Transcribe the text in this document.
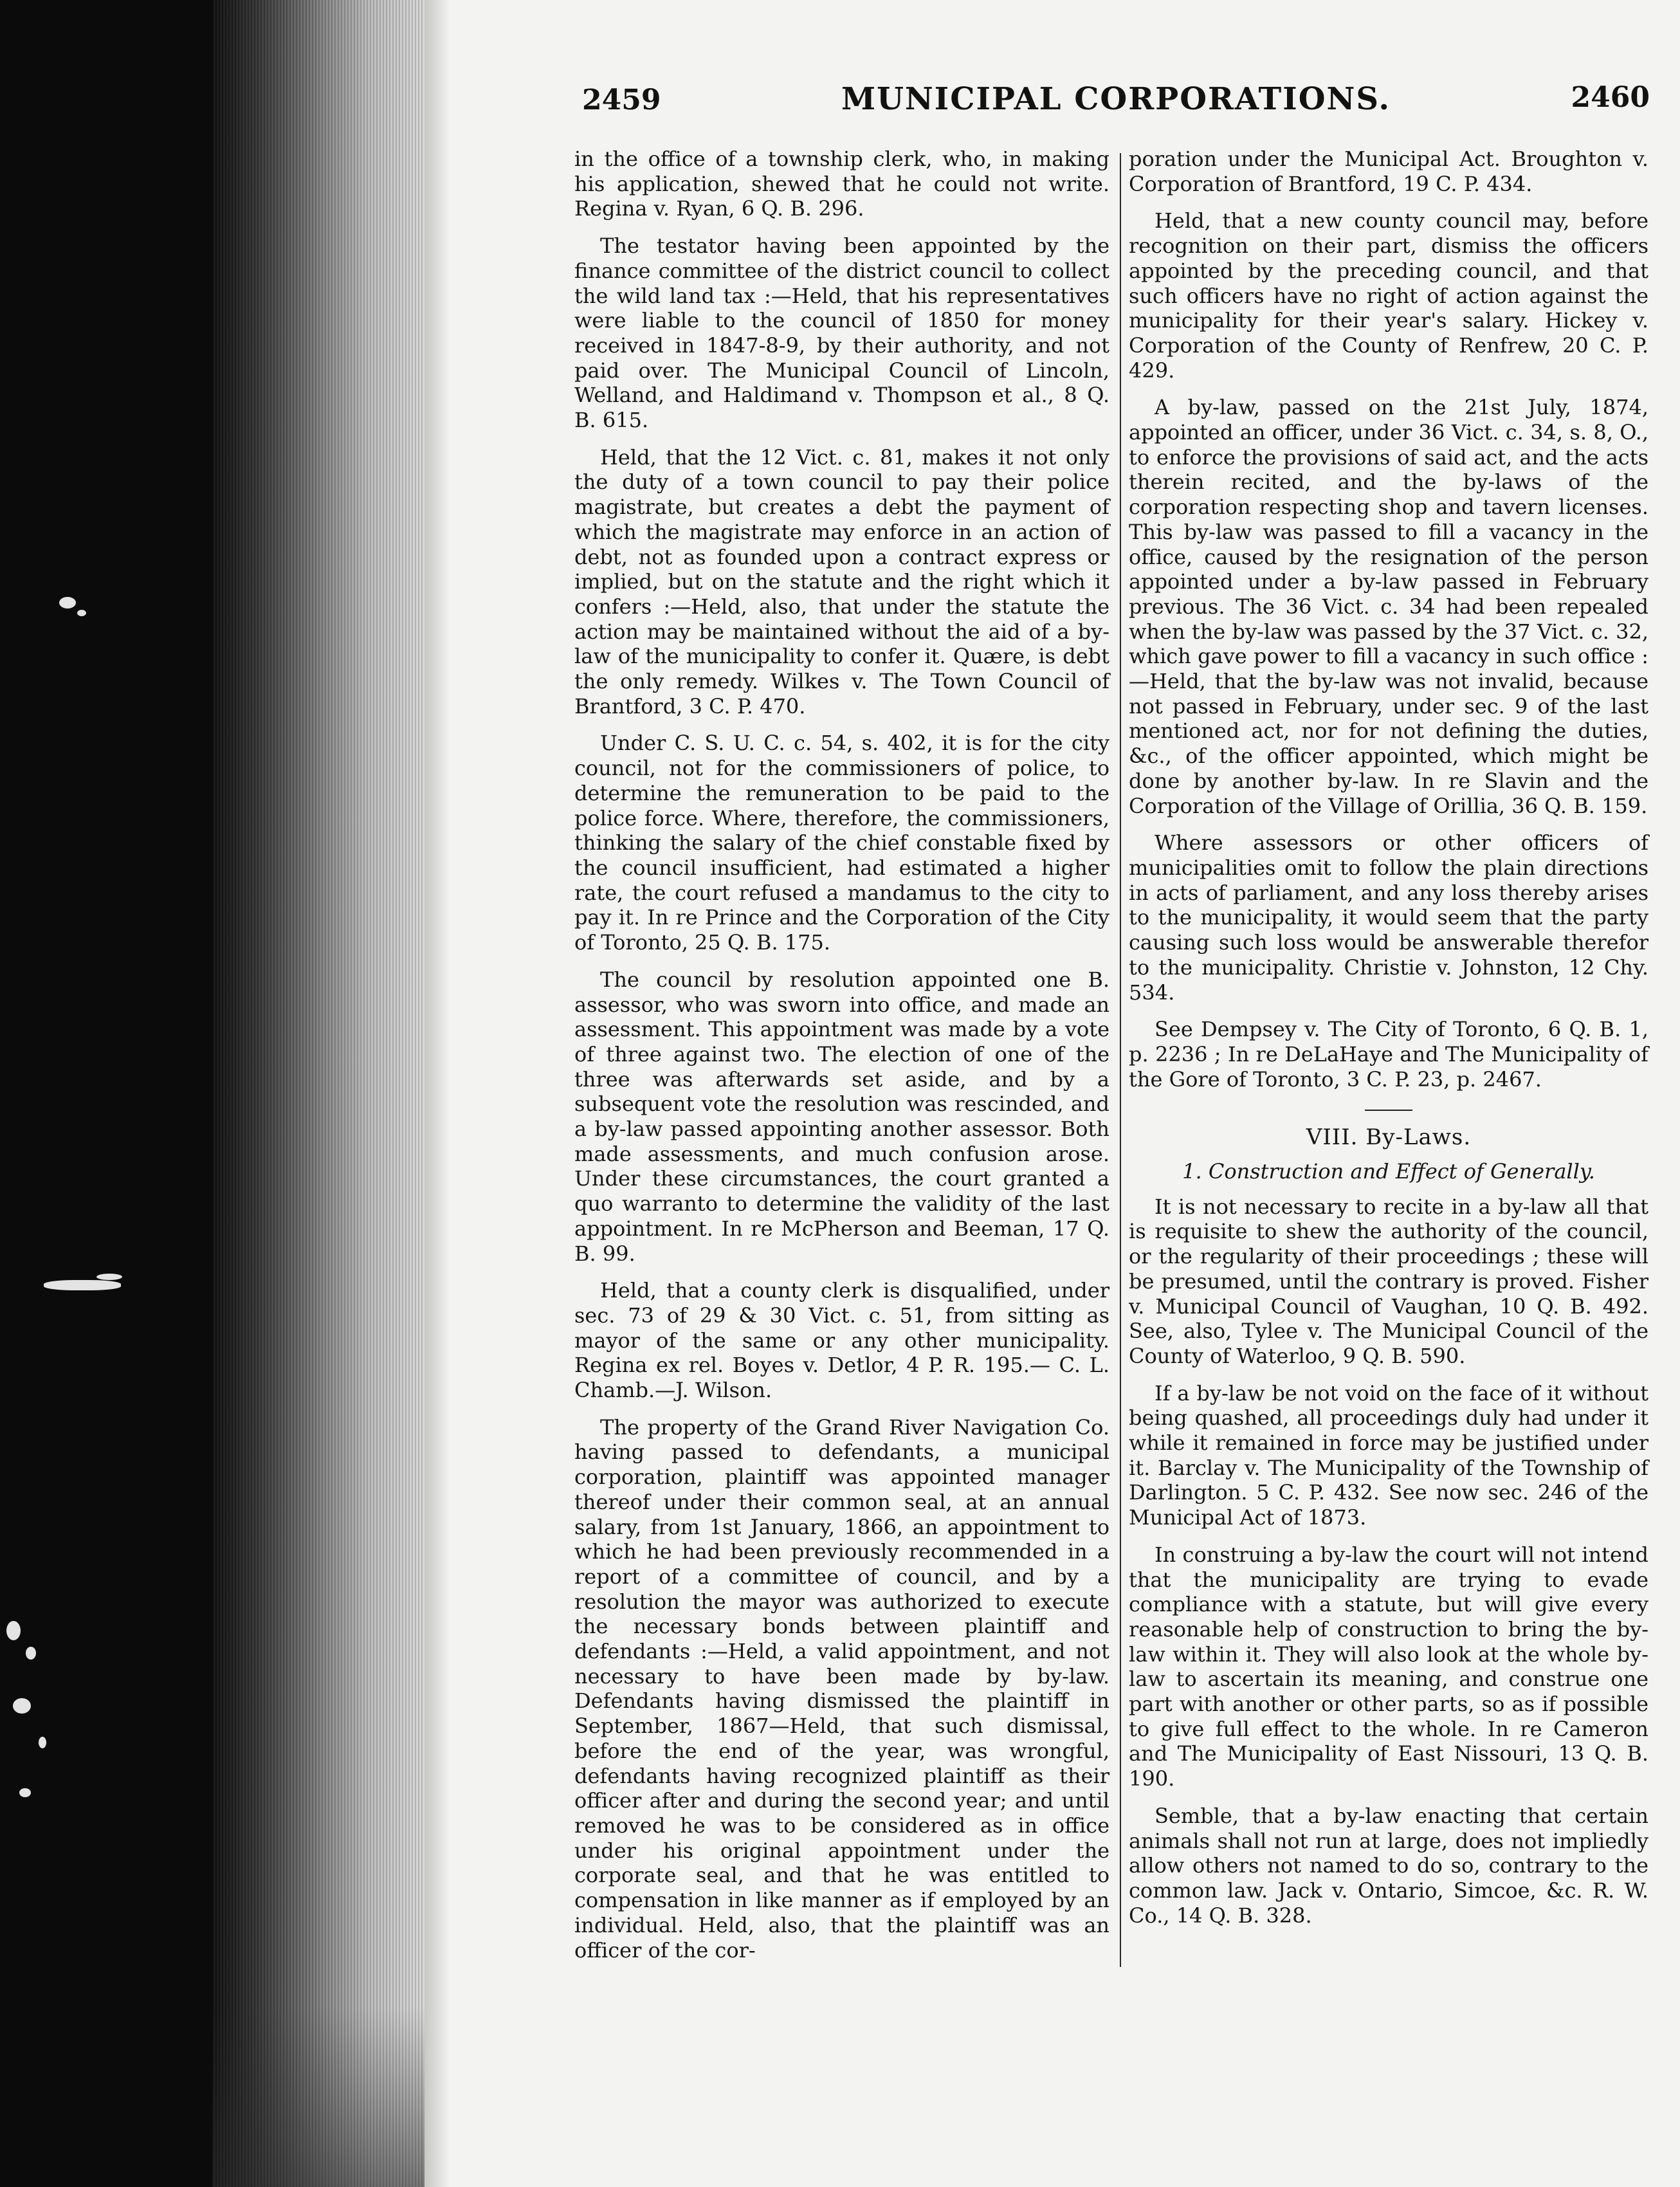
2459	MUNICIPAL CORPORATIONS.	2460

in the office of a township clerk, who, in making his application, shewed that he could not write. Regina v. Ryan, 6 Q. B. 296.

The testator having been appointed by the finance committee of the district council to collect the wild land tax :—Held, that his representatives were liable to the council of 1850 for money received in 1847-8-9, by their authority, and not paid over. The Municipal Council of Lincoln, Welland, and Haldimand v. Thompson et al., 8 Q. B. 615.

Held, that the 12 Vict. c. 81, makes it not only the duty of a town council to pay their police magistrate, but creates a debt the payment of which the magistrate may enforce in an action of debt, not as founded upon a contract express or implied, but on the statute and the right which it confers :—Held, also, that under the statute the action may be maintained without the aid of a by-law of the municipality to confer it. Quære, is debt the only remedy. Wilkes v. The Town Council of Brantford, 3 C. P. 470.

Under C. S. U. C. c. 54, s. 402, it is for the city council, not for the commissioners of police, to determine the remuneration to be paid to the police force. Where, therefore, the commissioners, thinking the salary of the chief constable fixed by the council insufficient, had estimated a higher rate, the court refused a mandamus to the city to pay it. In re Prince and the Corporation of the City of Toronto, 25 Q. B. 175.

The council by resolution appointed one B. assessor, who was sworn into office, and made an assessment. This appointment was made by a vote of three against two. The election of one of the three was afterwards set aside, and by a subsequent vote the resolution was rescinded, and a by-law passed appointing another assessor. Both made assessments, and much confusion arose. Under these circumstances, the court granted a quo warranto to determine the validity of the last appointment. In re McPherson and Beeman, 17 Q. B. 99.

Held, that a county clerk is disqualified, under sec. 73 of 29 & 30 Vict. c. 51, from sitting as mayor of the same or any other municipality. Regina ex rel. Boyes v. Detlor, 4 P. R. 195.— C. L. Chamb.—J. Wilson.

The property of the Grand River Navigation Co. having passed to defendants, a municipal corporation, plaintiff was appointed manager thereof under their common seal, at an annual salary, from 1st January, 1866, an appointment to which he had been previously recommended in a report of a committee of council, and by a resolution the mayor was authorized to execute the necessary bonds between plaintiff and defendants :—Held, a valid appointment, and not necessary to have been made by by-law. Defendants having dismissed the plaintiff in September, 1867—Held, that such dismissal, before the end of the year, was wrongful, defendants having recognized plaintiff as their officer after and during the second year; and until removed he was to be considered as in office under his original appointment under the corporate seal, and that he was entitled to compensation in like manner as if employed by an individual. Held, also, that the plaintiff was an officer of the cor-

poration under the Municipal Act. Broughton v. Corporation of Brantford, 19 C. P. 434.

Held, that a new county council may, before recognition on their part, dismiss the officers appointed by the preceding council, and that such officers have no right of action against the municipality for their year's salary. Hickey v. Corporation of the County of Renfrew, 20 C. P. 429.

A by-law, passed on the 21st July, 1874, appointed an officer, under 36 Vict. c. 34, s. 8, O., to enforce the provisions of said act, and the acts therein recited, and the by-laws of the corporation respecting shop and tavern licenses. This by-law was passed to fill a vacancy in the office, caused by the resignation of the person appointed under a by-law passed in February previous. The 36 Vict. c. 34 had been repealed when the by-law was passed by the 37 Vict. c. 32, which gave power to fill a vacancy in such office :—Held, that the by-law was not invalid, because not passed in February, under sec. 9 of the last mentioned act, nor for not defining the duties, &c., of the officer appointed, which might be done by another by-law. In re Slavin and the Corporation of the Village of Orillia, 36 Q. B. 159.

Where assessors or other officers of municipalities omit to follow the plain directions in acts of parliament, and any loss thereby arises to the municipality, it would seem that the party causing such loss would be answerable therefor to the municipality. Christie v. Johnston, 12 Chy. 534.

See Dempsey v. The City of Toronto, 6 Q. B. 1, p. 2236 ; In re DeLaHaye and The Municipality of the Gore of Toronto, 3 C. P. 23, p. 2467.

VIII. By-Laws.
1. Construction and Effect of Generally.

It is not necessary to recite in a by-law all that is requisite to shew the authority of the council, or the regularity of their proceedings ; these will be presumed, until the contrary is proved. Fisher v. Municipal Council of Vaughan, 10 Q. B. 492. See, also, Tylee v. The Municipal Council of the County of Waterloo, 9 Q. B. 590.

If a by-law be not void on the face of it without being quashed, all proceedings duly had under it while it remained in force may be justified under it. Barclay v. The Municipality of the Township of Darlington. 5 C. P. 432. See now sec. 246 of the Municipal Act of 1873.

In construing a by-law the court will not intend that the municipality are trying to evade compliance with a statute, but will give every reasonable help of construction to bring the by-law within it. They will also look at the whole by-law to ascertain its meaning, and construe one part with another or other parts, so as if possible to give full effect to the whole. In re Cameron and The Municipality of East Nissouri, 13 Q. B. 190.

Semble, that a by-law enacting that certain animals shall not run at large, does not impliedly allow others not named to do so, contrary to the common law. Jack v. Ontario, Simcoe, &c. R. W. Co., 14 Q. B. 328.
